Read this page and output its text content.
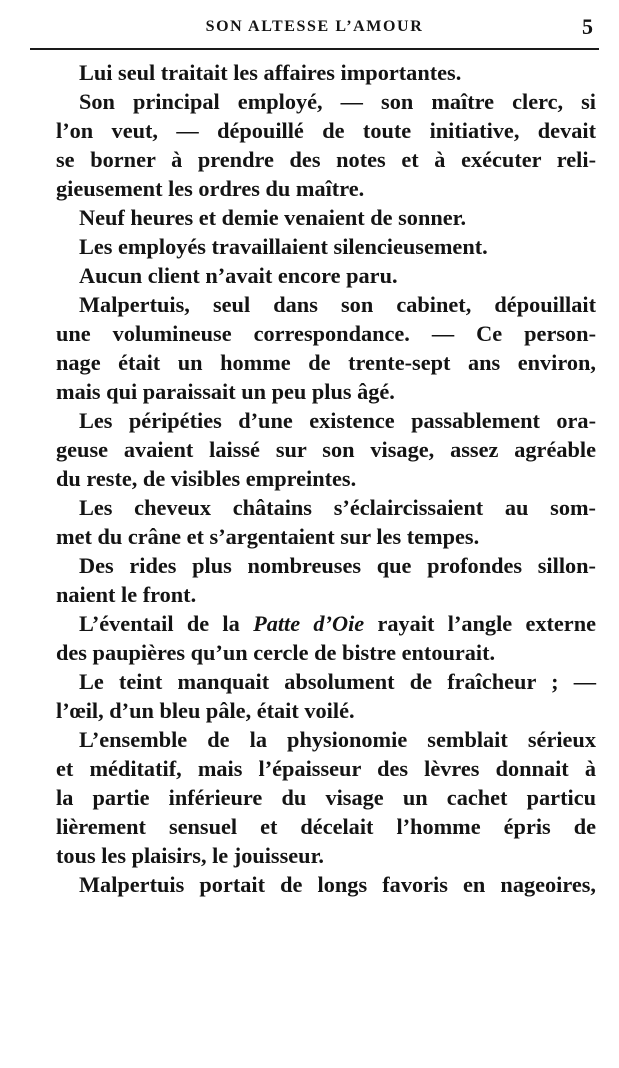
SON ALTESSE L’AMOUR	5
Lui seul traitait les affaires importantes.
Son principal employé, — son maître clerc, si
l’on veut, — dépouillé de toute initiative, devait
se borner à prendre des notes et à exécuter reli-
gieusement les ordres du maître.
Neuf heures et demie venaient de sonner.
Les employés travaillaient silencieusement.
Aucun client n’avait encore paru.
Malpertuis, seul dans son cabinet, dépouillait
une volumineuse correspondance. — Ce person-
nage était un homme de trente-sept ans environ,
mais qui paraissait un peu plus âgé.
Les péripéties d’une existence passablement ora-
geuse avaient laissé sur son visage, assez agréable
du reste, de visibles empreintes.
Les cheveux châtains s’éclaircissaient au som-
met du crâne et s’argentaient sur les tempes.
Des rides plus nombreuses que profondes sillon-
naient le front.
L’éventail de la Patte d’Oie rayait l’angle externe
des paupières qu’un cercle de bistre entourait.
Le teint manquait absolument de fraîcheur ; —
l’œil, d’un bleu pâle, était voilé.
L’ensemble de la physionomie semblait sérieux
et méditatif, mais l’épaisseur des lèvres donnait à
la partie inférieure du visage un cachet particu
lièrement sensuel et décelait l’homme épris de
tous les plaisirs, le jouisseur.
Malpertuis portait de longs favoris en nageoires,
